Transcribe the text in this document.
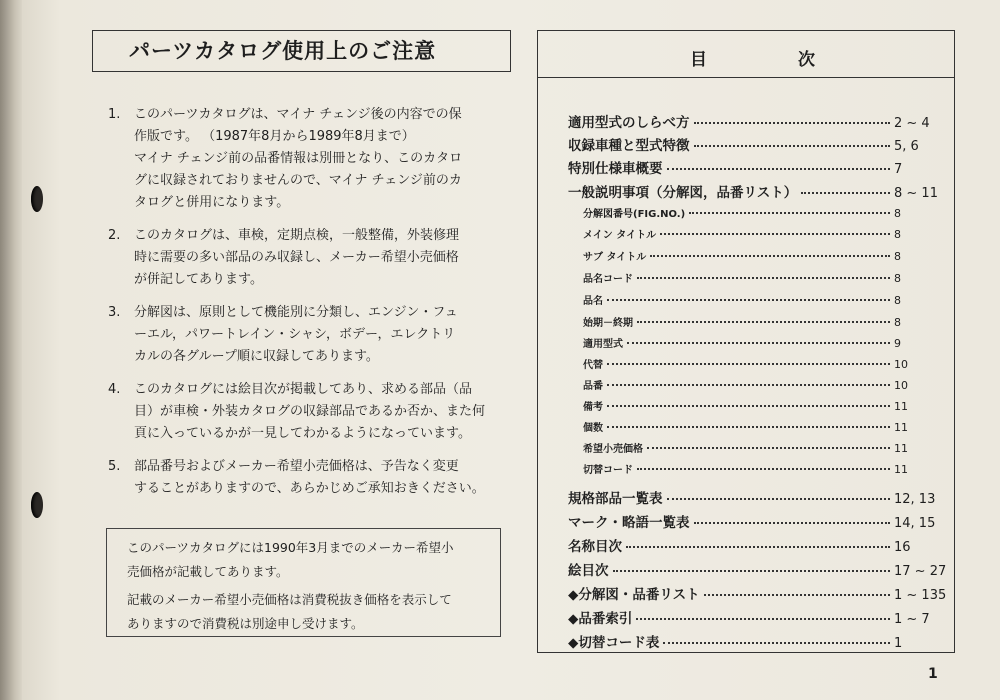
パーツカタログ使用上のご注意
1.	このパーツカタログは、マイナ チェンジ後の内容での保
作版です。 （1987年8月から1989年8月まで）
マイナ チェンジ前の品番情報は別冊となり、このカタロ
グに収録されておりませんので、マイナ チェンジ前のカ
タログと併用になります。
2.	このカタログは、車検，定期点検，一般整備，外装修理
時に需要の多い部品のみ収録し、メーカー希望小売価格
が併記してあります。
3.	分解図は、原則として機能別に分類し、エンジン・フュ
ーエル，パワートレイン・シャシ，ボデー，エレクトリ
カルの各グループ順に収録してあります。
4.	このカタログには絵目次が掲載してあり、求める部品（品
目）が車検・外装カタログの収録部品であるか否か、また何
頁に入っているかが一見してわかるようになっています。
5.	部品番号およびメーカー希望小売価格は、予告なく変更
することがありますので、あらかじめご承知おきください。

このパーツカタログには1990年3月までのメーカー希望小
売価格が記載してあります。

記載のメーカー希望小売価格は消費税抜き価格を表示して
ありますので消費税は別途申し受けます。

目	次
適用型式のしらべ方	2 ~ 4
収録車種と型式特徴	5, 6
特別仕様車概要	7
一般説明事項（分解図，品番リスト）	8 ~ 11
分解図番号(FIG.NO.)	8
メイン タイトル	8
サブ タイトル	8
品名コード	8
品名	8
始期－終期	8
適用型式	9
代替	10
品番	10
備考	11
個数	11
希望小売価格	11
切替コード	11
規格部品一覧表	12, 13
マーク・略語一覧表	14, 15
名称目次	16
絵目次	17 ~ 27
◆分解図・品番リスト	1 ~ 135
◆品番索引	1 ~ 7
◆切替コード表	1
1
